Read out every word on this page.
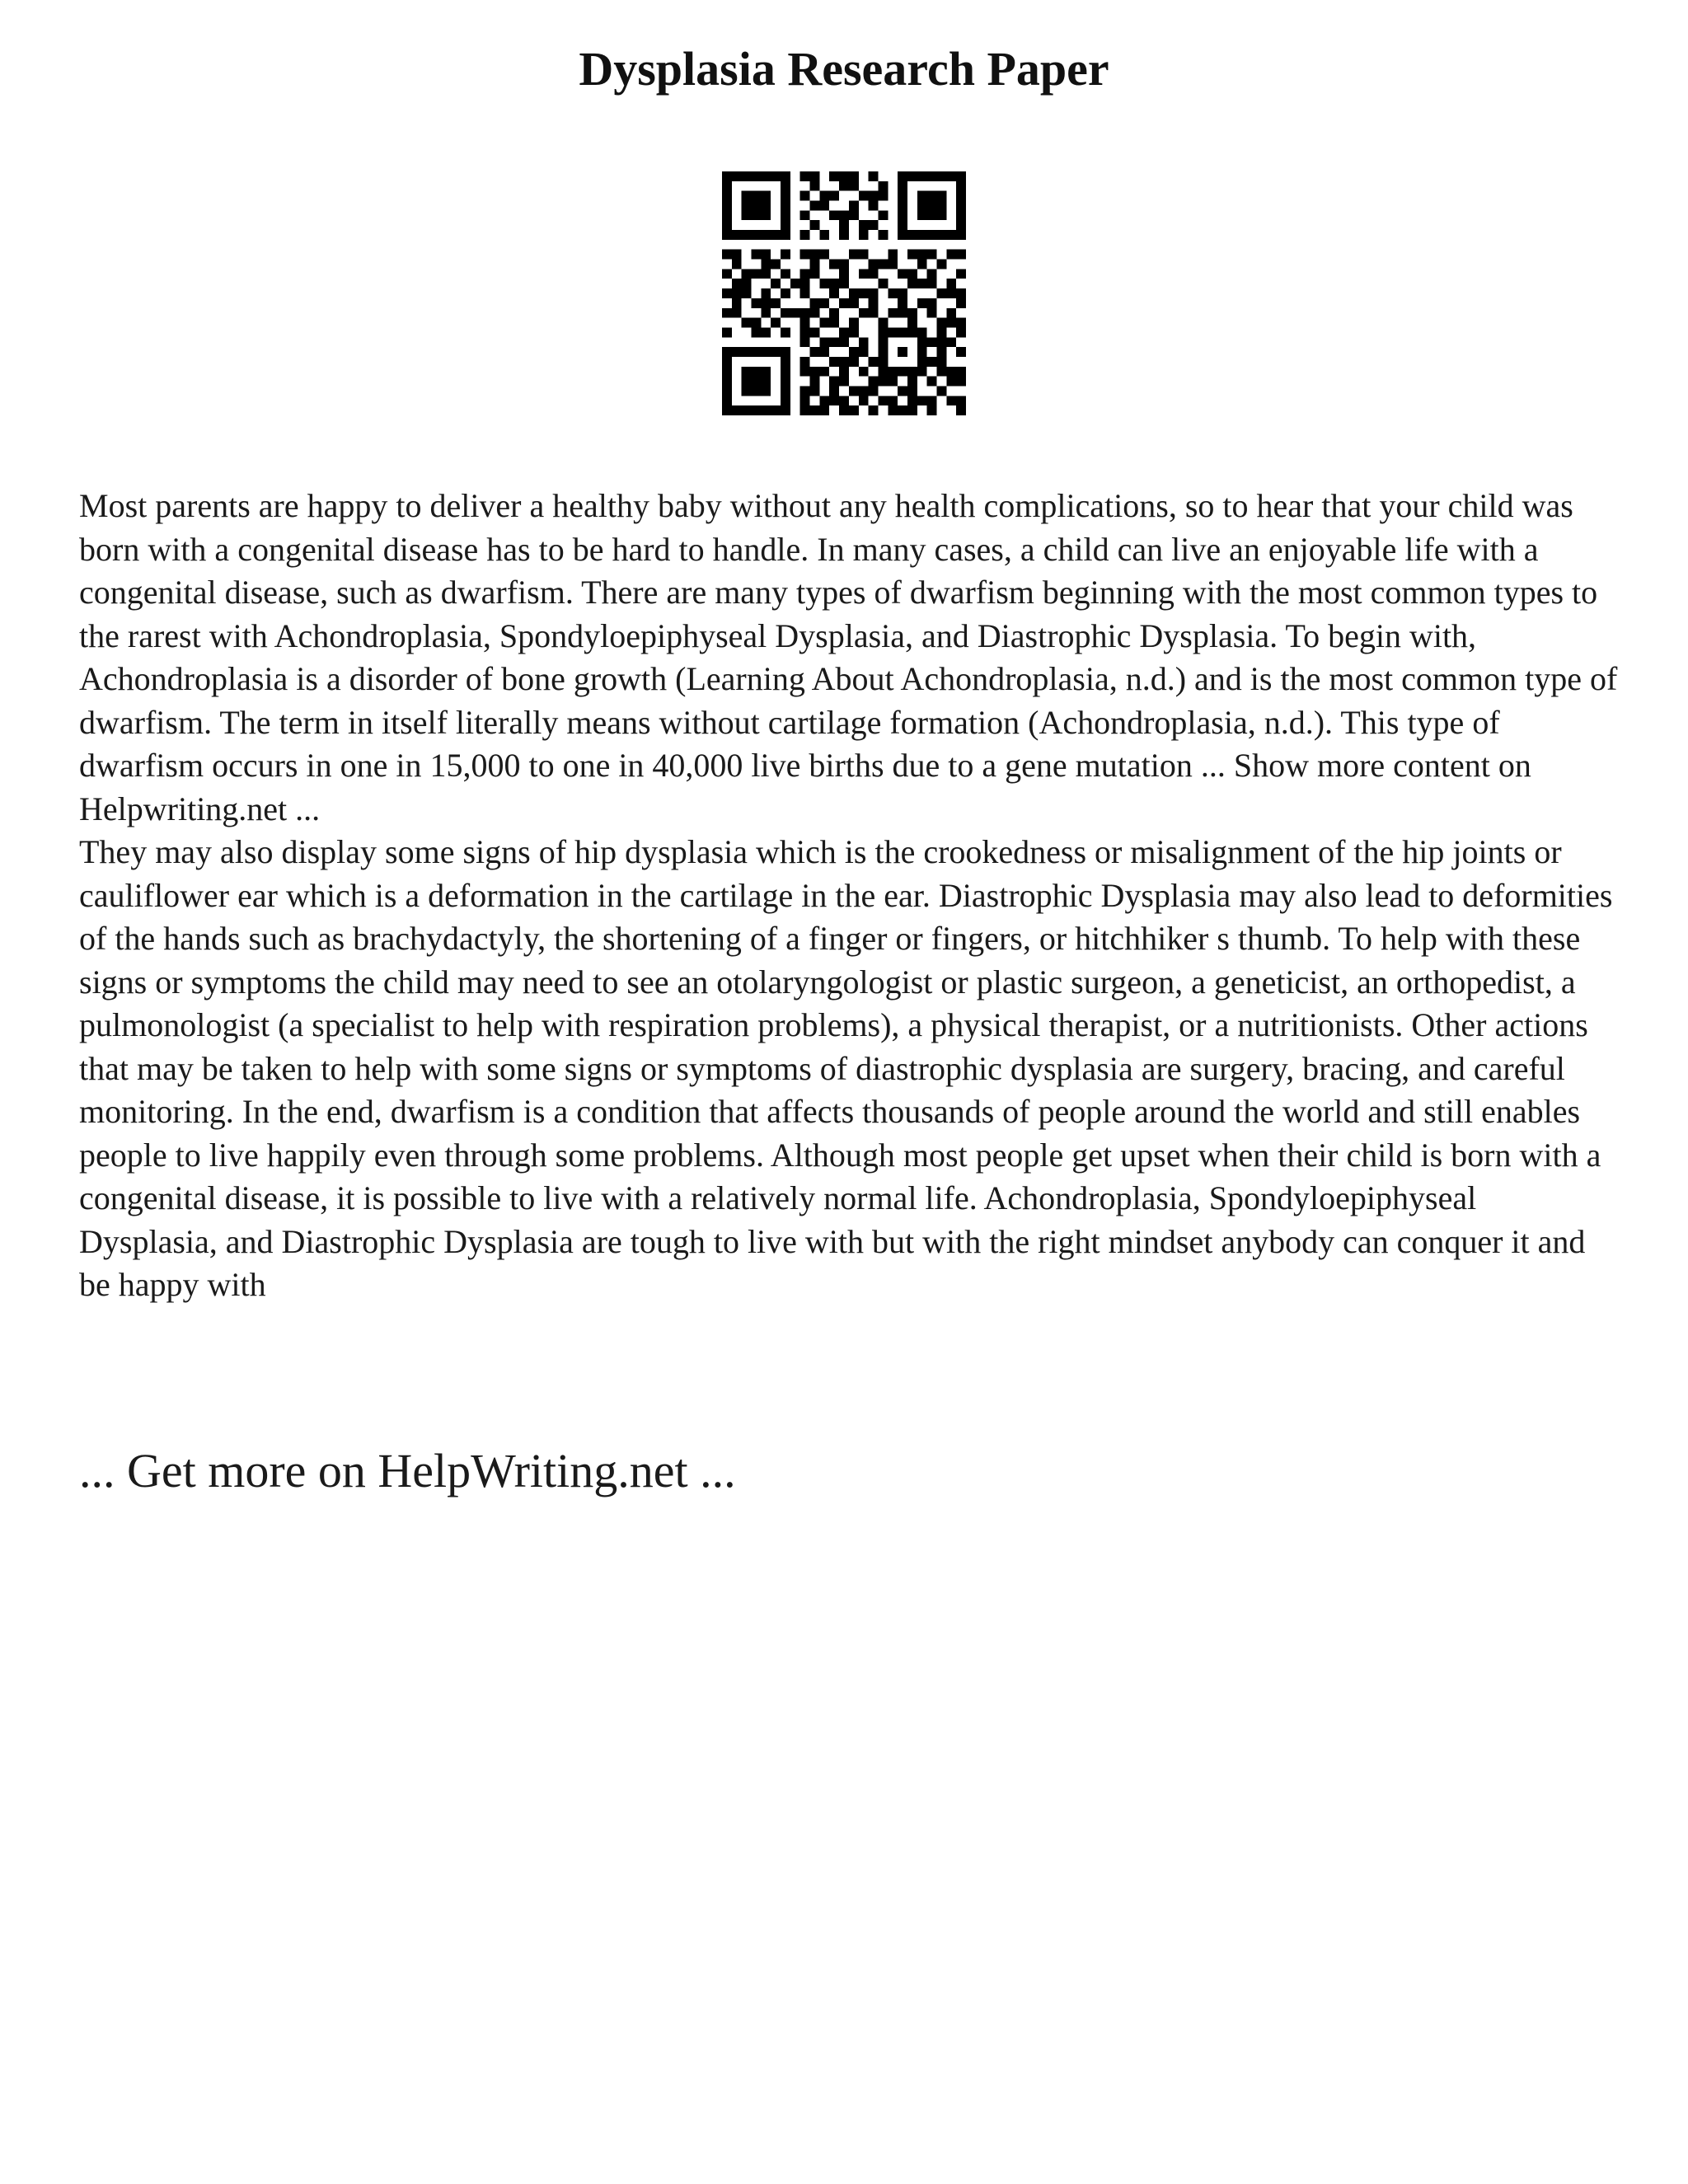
Dysplasia Research Paper

Most parents are happy to deliver a healthy baby without any health complications, so to hear that your child was born with a congenital disease has to be hard to handle. In many cases, a child can live an enjoyable life with a congenital disease, such as dwarfism. There are many types of dwarfism beginning with the most common types to the rarest with Achondroplasia, Spondyloepiphyseal Dysplasia, and Diastrophic Dysplasia. To begin with, Achondroplasia is a disorder of bone growth (Learning About Achondroplasia, n.d.) and is the most common type of dwarfism. The term in itself literally means without cartilage formation (Achondroplasia, n.d.). This type of dwarfism occurs in one in 15,000 to one in 40,000 live births due to a gene mutation ... Show more content on Helpwriting.net ...

They may also display some signs of hip dysplasia which is the crookedness or misalignment of the hip joints or cauliflower ear which is a deformation in the cartilage in the ear. Diastrophic Dysplasia may also lead to deformities of the hands such as brachydactyly, the shortening of a finger or fingers, or hitchhiker s thumb. To help with these signs or symptoms the child may need to see an otolaryngologist or plastic surgeon, a geneticist, an orthopedist, a pulmonologist (a specialist to help with respiration problems), a physical therapist, or a nutritionists. Other actions that may be taken to help with some signs or symptoms of diastrophic dysplasia are surgery, bracing, and careful monitoring. In the end, dwarfism is a condition that affects thousands of people around the world and still enables people to live happily even through some problems. Although most people get upset when their child is born with a congenital disease, it is possible to live with a relatively normal life. Achondroplasia, Spondyloepiphyseal Dysplasia, and Diastrophic Dysplasia are tough to live with but with the right mindset anybody can conquer it and be happy with

... Get more on HelpWriting.net ...
